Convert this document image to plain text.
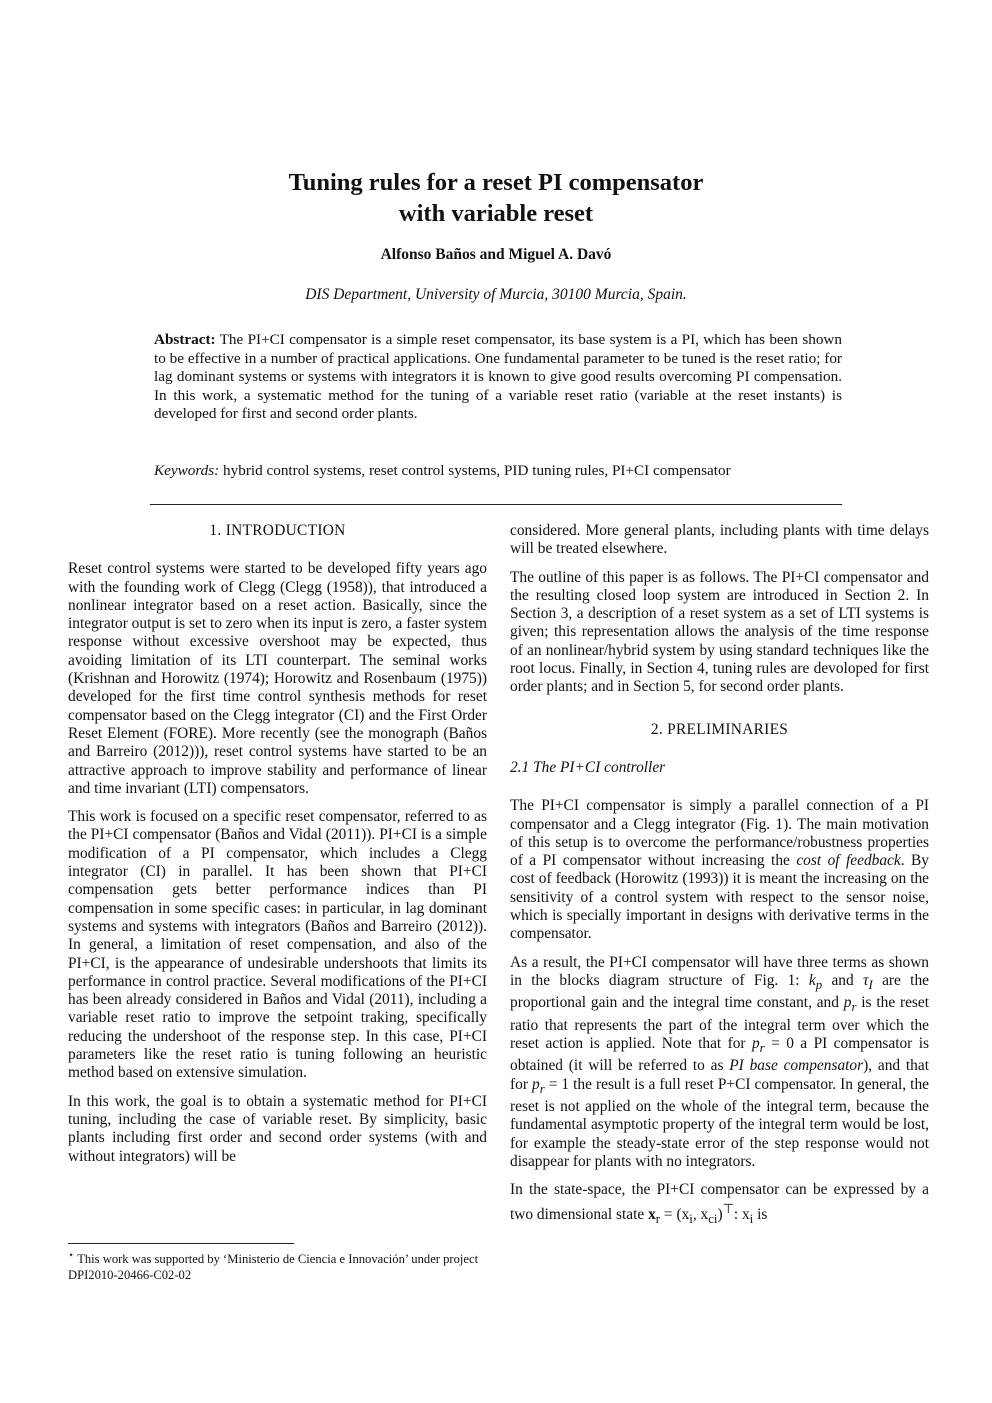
Tuning rules for a reset PI compensator
with variable reset
Alfonso Baños and Miguel A. Davó
DIS Department, University of Murcia, 30100 Murcia, Spain.
Abstract: The PI+CI compensator is a simple reset compensator, its base system is a PI, which has been shown to be effective in a number of practical applications. One fundamental parameter to be tuned is the reset ratio; for lag dominant systems or systems with integrators it is known to give good results overcoming PI compensation. In this work, a systematic method for the tuning of a variable reset ratio (variable at the reset instants) is developed for first and second order plants.
Keywords: hybrid control systems, reset control systems, PID tuning rules, PI+CI compensator
1. INTRODUCTION

Reset control systems were started to be developed fifty years ago with the founding work of Clegg (Clegg (1958)), that introduced a nonlinear integrator based on a reset action. Basically, since the integrator output is set to zero when its input is zero, a faster system response without excessive overshoot may be expected, thus avoiding limitation of its LTI counterpart. The seminal works (Krishnan and Horowitz (1974); Horowitz and Rosenbaum (1975)) developed for the first time control synthesis methods for reset compensator based on the Clegg integrator (CI) and the First Order Reset Element (FORE). More recently (see the monograph (Baños and Barreiro (2012))), reset control systems have started to be an attractive approach to improve stability and performance of linear and time invariant (LTI) compensators.

This work is focused on a specific reset compensator, referred to as the PI+CI compensator (Baños and Vidal (2011)). PI+CI is a simple modification of a PI compensator, which includes a Clegg integrator (CI) in parallel. It has been shown that PI+CI compensation gets better performance indices than PI compensation in some specific cases: in particular, in lag dominant systems and systems with integrators (Baños and Barreiro (2012)). In general, a limitation of reset compensation, and also of the PI+CI, is the appearance of undesirable undershoots that limits its performance in control practice. Several modifications of the PI+CI has been already considered in Baños and Vidal (2011), including a variable reset ratio to improve the setpoint traking, specifically reducing the undershoot of the response step. In this case, PI+CI parameters like the reset ratio is tuning following an heuristic method based on extensive simulation.

In this work, the goal is to obtain a systematic method for PI+CI tuning, including the case of variable reset. By simplicity, basic plants including first order and second order systems (with and without integrators) will be

considered. More general plants, including plants with time delays will be treated elsewhere.

The outline of this paper is as follows. The PI+CI compensator and the resulting closed loop system are introduced in Section 2. In Section 3, a description of a reset system as a set of LTI systems is given; this representation allows the analysis of the time response of an nonlinear/hybrid system by using standard techniques like the root locus. Finally, in Section 4, tuning rules are devoloped for first order plants; and in Section 5, for second order plants.

2. PRELIMINARIES
2.1 The PI+CI controller

The PI+CI compensator is simply a parallel connection of a PI compensator and a Clegg integrator (Fig. 1). The main motivation of this setup is to overcome the performance/robustness properties of a PI compensator without increasing the cost of feedback. By cost of feedback (Horowitz (1993)) it is meant the increasing on the sensitivity of a control system with respect to the sensor noise, which is specially important in designs with derivative terms in the compensator.

As a result, the PI+CI compensator will have three terms as shown in the blocks diagram structure of Fig. 1: $k_p$ and $\tau_I$ are the proportional gain and the integral time constant, and $p_r$ is the reset ratio that represents the part of the integral term over which the reset action is applied. Note that for $p_r = 0$ a PI compensator is obtained (it will be referred to as PI base compensator), and that for $p_r = 1$ the result is a full reset P+CI compensator. In general, the reset is not applied on the whole of the integral term, because the fundamental asymptotic property of the integral term would be lost, for example the steady-state error of the step response would not disappear for plants with no integrators.

In the state-space, the PI+CI compensator can be expressed by a two dimensional state $x_r = (x_i$, $x_{ci})^⊤$: $x_i$ is

⋆ This work was supported by ‘Ministerio de Ciencia e Innovación’ under project DPI2010-20466-C02-02
